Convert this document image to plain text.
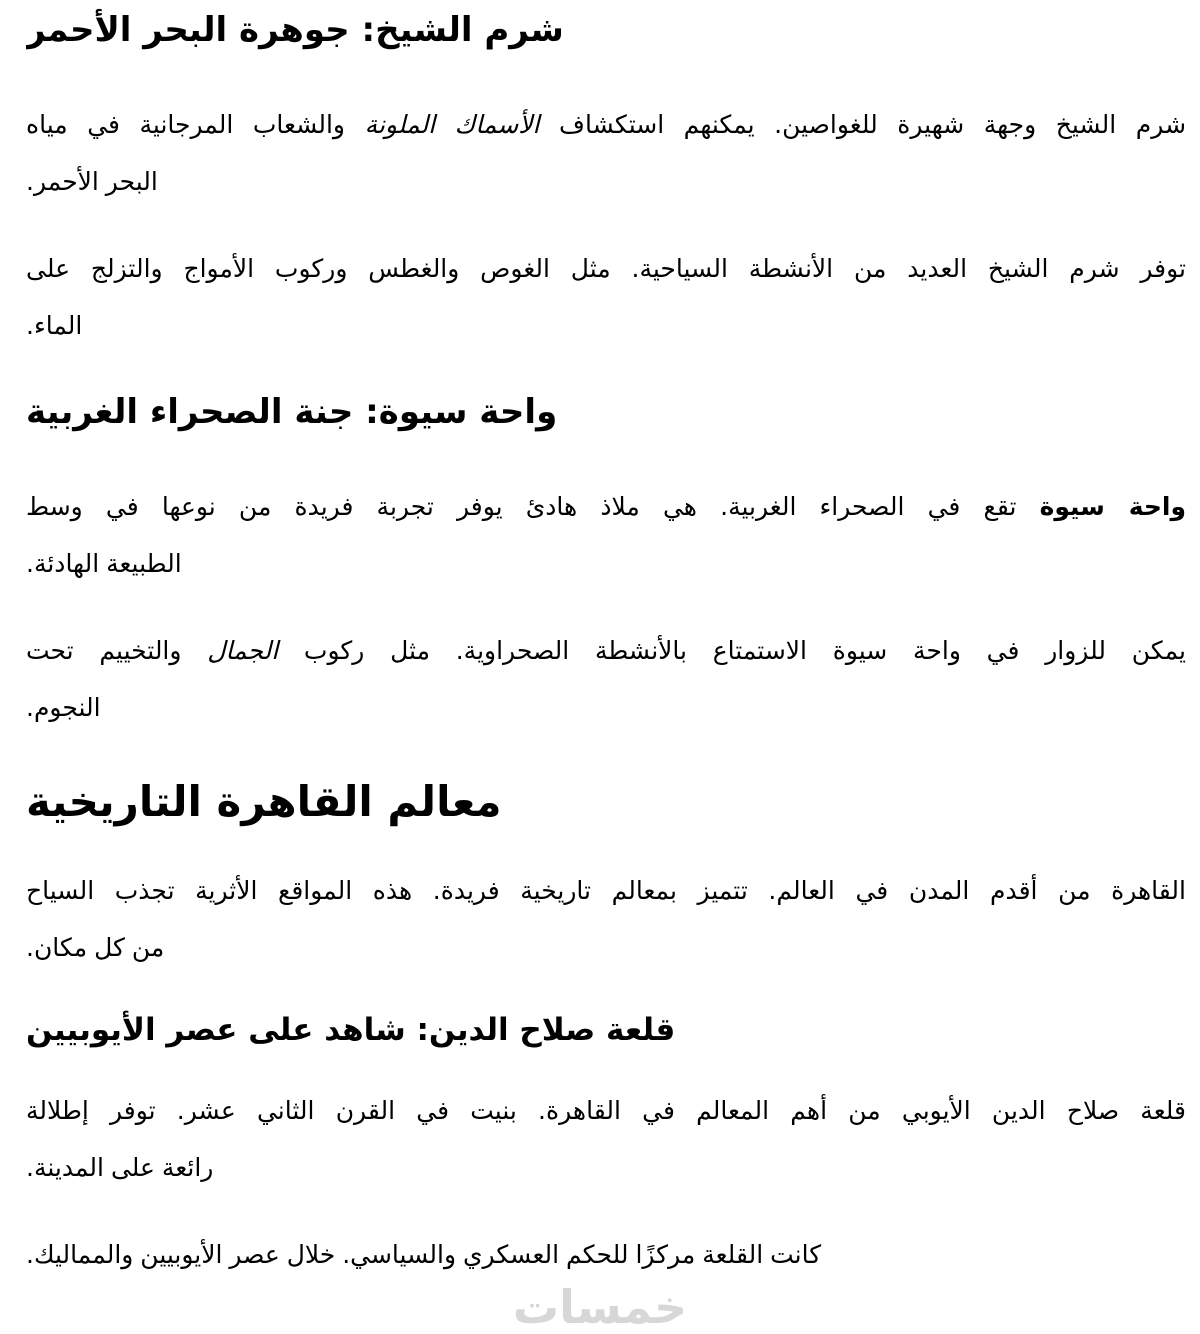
شرم الشيخ: جوهرة البحر الأحمر
شرم الشيخ وجهة شهيرة للغواصين. يمكنهم استكشاف الأسماك الملونة والشعاب المرجانية في مياه
البحر الأحمر.
توفر شرم الشيخ العديد من الأنشطة السياحية. مثل الغوص والغطس وركوب الأمواج والتزلج على
الماء.
واحة سيوة: جنة الصحراء الغربية
واحة سيوة تقع في الصحراء الغربية. هي ملاذ هادئ يوفر تجربة فريدة من نوعها في وسط
الطبيعة الهادئة.
يمكن للزوار في واحة سيوة الاستمتاع بالأنشطة الصحراوية. مثل ركوب الجمال والتخييم تحت
النجوم.
معالم القاهرة التاريخية
القاهرة من أقدم المدن في العالم. تتميز بمعالم تاريخية فريدة. هذه المواقع الأثرية تجذب السياح
من كل مكان.
قلعة صلاح الدين: شاهد على عصر الأيوبيين
قلعة صلاح الدين الأيوبي من أهم المعالم في القاهرة. بنيت في القرن الثاني عشر. توفر إطلالة
رائعة على المدينة.
كانت القلعة مركزًا للحكم العسكري والسياسي. خلال عصر الأيوبيين والمماليك.
خمسات
